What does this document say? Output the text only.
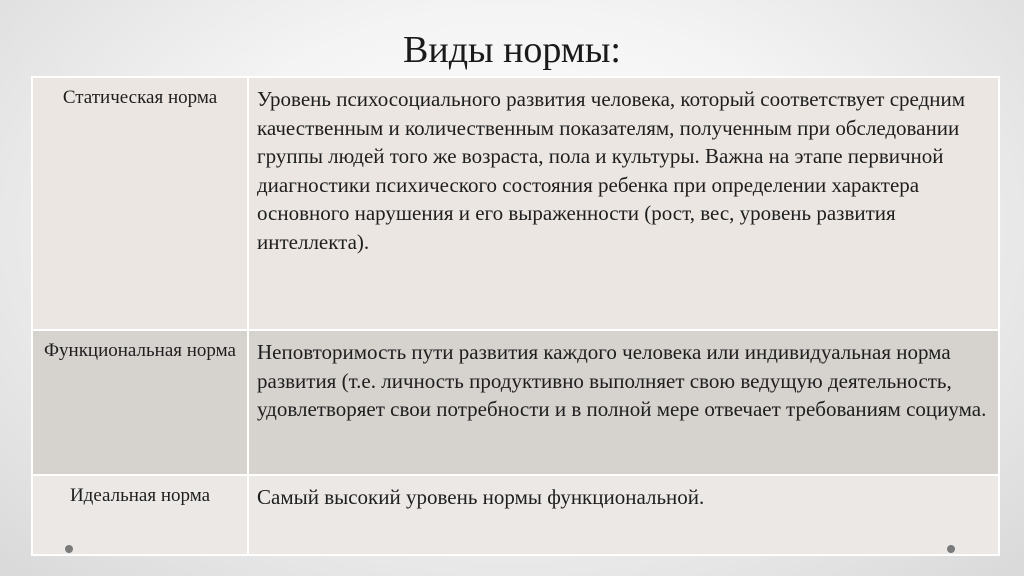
Виды нормы:
Статическая норма	Уровень психосоциального развития человека, который соответствует средним качественным и количественным показателям, полученным при обследовании группы людей того же возраста, пола и культуры. Важна на этапе первичной диагностики психического состояния ребенка при определении характера основного нарушения и его выраженности (рост, вес, уровень развития интеллекта).
Функциональная норма	Неповторимость пути развития каждого человека или индивидуальная норма развития (т.е. личность продуктивно выполняет свою ведущую деятельность, удовлетворяет свои потребности и в полной мере отвечает требованиям социума.
Идеальная норма	Самый высокий уровень нормы функциональной.
